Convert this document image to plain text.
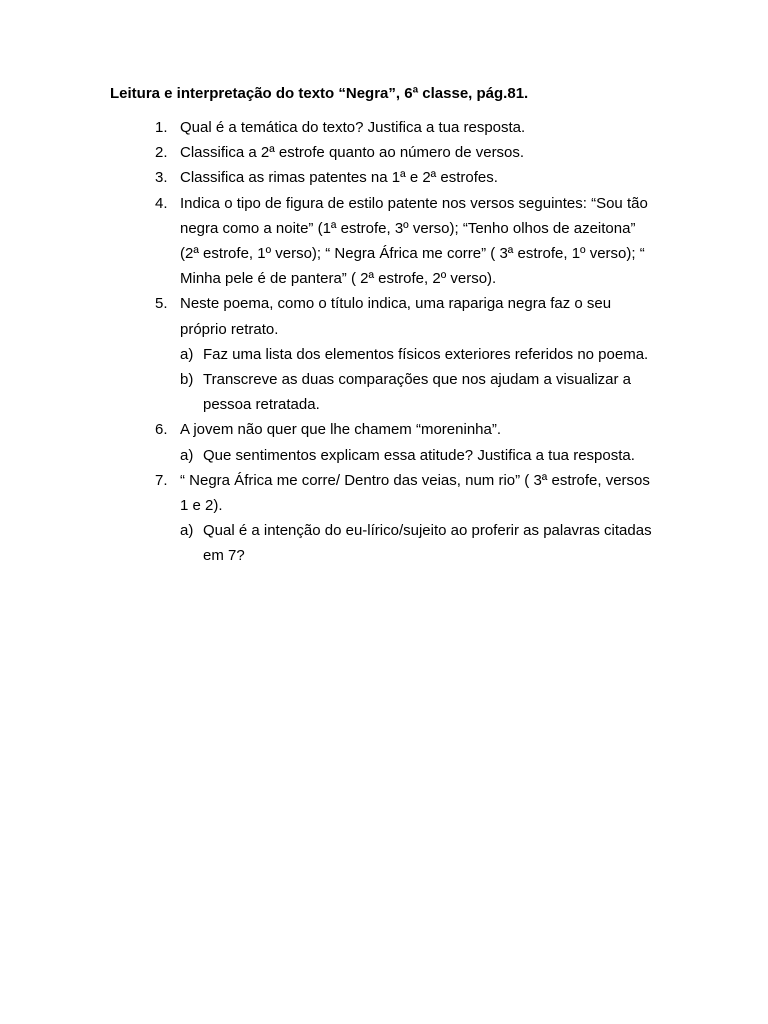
Leitura e interpretação do texto “Negra”, 6ª classe, pág.81.
1. Qual é a temática do texto? Justifica a tua resposta.
2. Classifica a 2ª estrofe quanto ao número de versos.
3. Classifica as rimas patentes na 1ª e 2ª estrofes.
4. Indica o tipo de figura de estilo patente nos versos seguintes: “Sou tão negra como a noite” (1ª estrofe, 3º verso); “Tenho olhos de azeitona” (2ª estrofe, 1º verso); “ Negra África me corre” ( 3ª estrofe, 1º verso); “ Minha pele é de pantera” ( 2ª estrofe, 2º verso).
5. Neste poema, como o título indica, uma rapariga negra faz o seu próprio retrato.
a) Faz uma lista dos elementos físicos exteriores referidos no poema.
b) Transcreve as duas comparações que nos ajudam a visualizar a pessoa retratada.
6. A jovem não quer que lhe chamem “moreninha”.
a) Que sentimentos explicam essa atitude? Justifica a tua resposta.
7. “ Negra África me corre/ Dentro das veias, num rio” ( 3ª estrofe, versos 1 e 2).
a) Qual é a intenção do eu-lírico/sujeito ao proferir as palavras citadas em 7?
